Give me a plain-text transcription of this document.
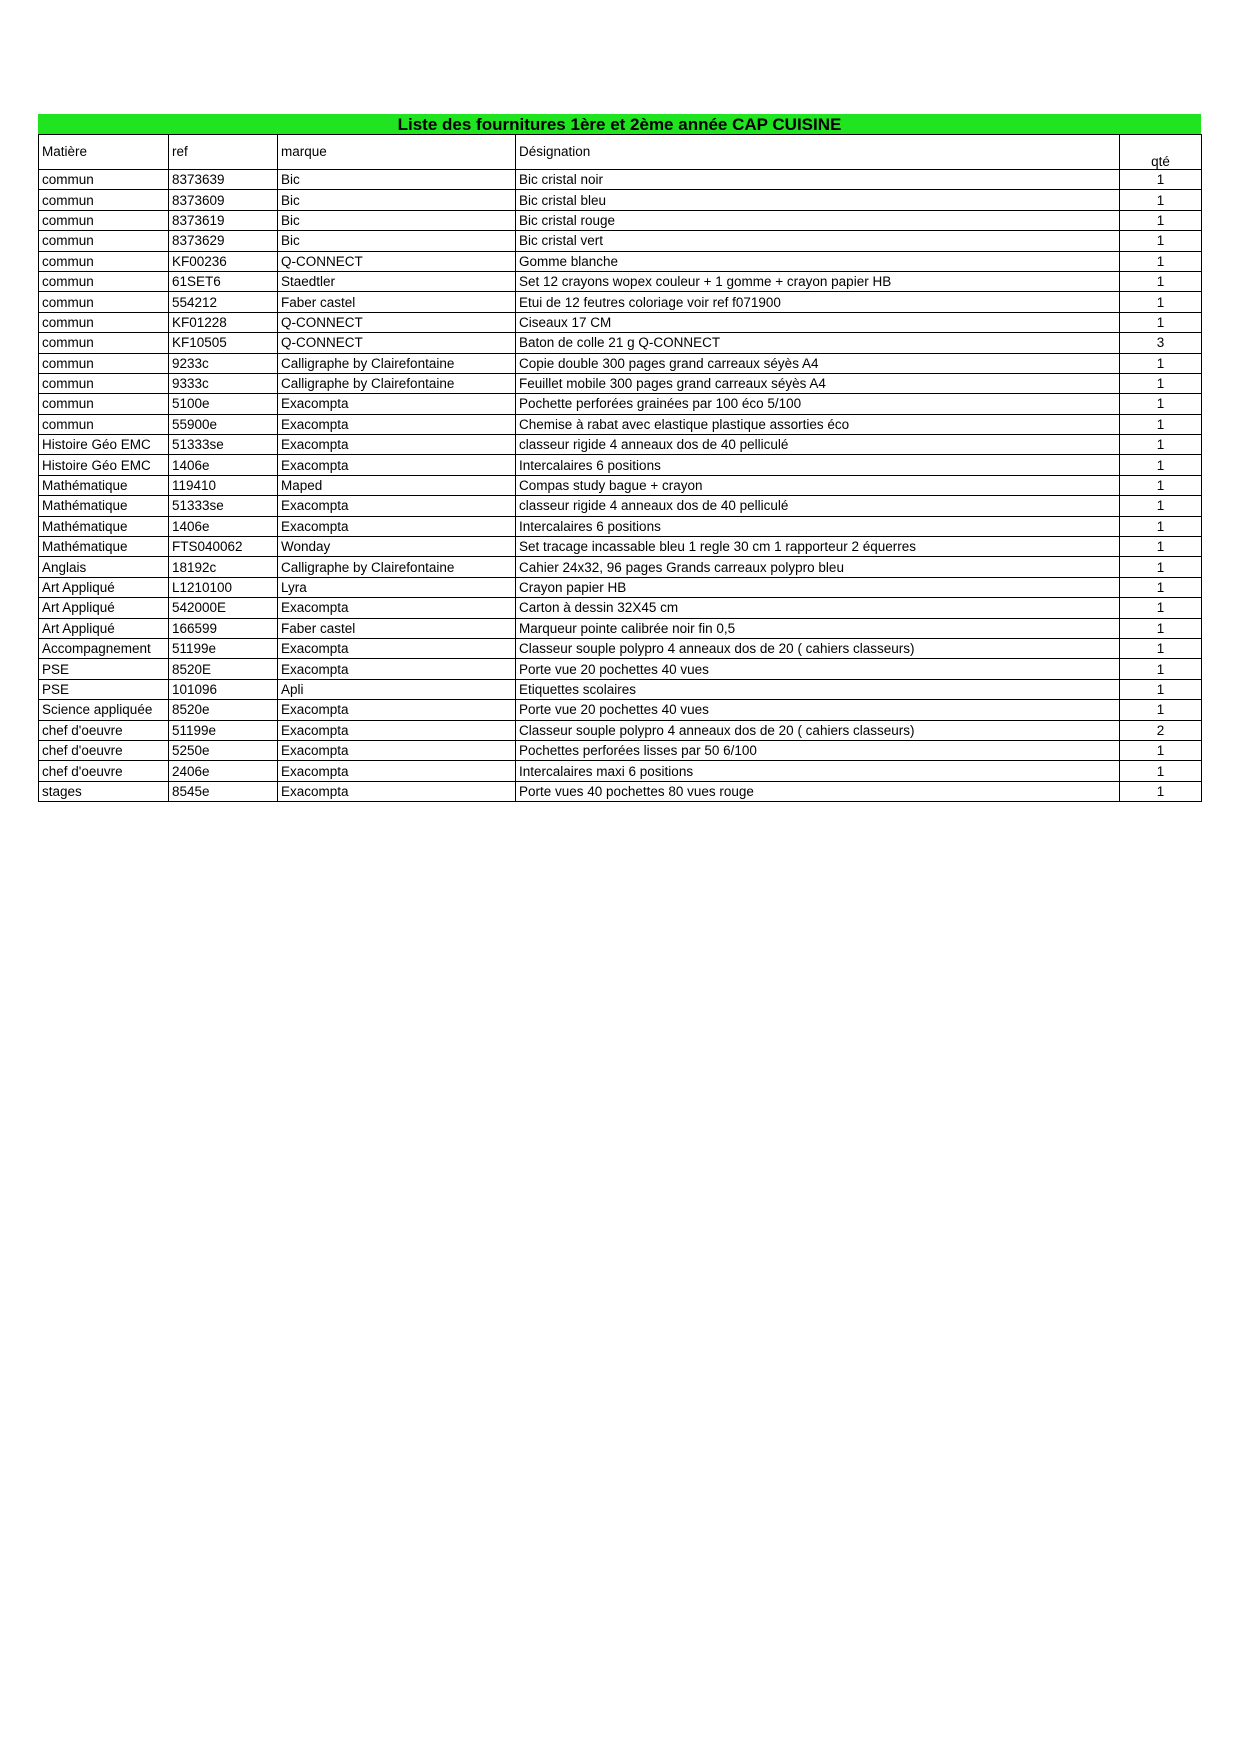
Liste des fournitures 1ère et 2ème année CAP CUISINE
Matière	ref	marque	Désignation	qté
commun	8373639	Bic	Bic cristal noir	1
commun	8373609	Bic	Bic cristal bleu	1
commun	8373619	Bic	Bic cristal rouge	1
commun	8373629	Bic	Bic cristal vert	1
commun	KF00236	Q-CONNECT	Gomme blanche	1
commun	61SET6	Staedtler	Set 12 crayons wopex couleur + 1 gomme + crayon papier HB	1
commun	554212	Faber castel	Etui de 12 feutres coloriage voir ref f071900	1
commun	KF01228	Q-CONNECT	Ciseaux 17 CM	1
commun	KF10505	Q-CONNECT	Baton de colle 21 g Q-CONNECT	3
commun	9233c	Calligraphe by Clairefontaine	Copie double 300 pages grand carreaux séyès A4	1
commun	9333c	Calligraphe by Clairefontaine	Feuillet mobile 300 pages grand carreaux séyès A4	1
commun	5100e	Exacompta	Pochette perforées grainées par 100 éco 5/100	1
commun	55900e	Exacompta	Chemise à rabat avec elastique plastique assorties éco	1
Histoire Géo EMC	51333se	Exacompta	classeur rigide 4 anneaux dos de 40 pelliculé	1
Histoire Géo EMC	1406e	Exacompta	Intercalaires 6 positions	1
Mathématique	119410	Maped	Compas study bague + crayon	1
Mathématique	51333se	Exacompta	classeur rigide 4 anneaux dos de 40 pelliculé	1
Mathématique	1406e	Exacompta	Intercalaires 6 positions	1
Mathématique	FTS040062	Wonday	Set tracage incassable bleu 1 regle 30 cm 1 rapporteur 2 équerres	1
Anglais	18192c	Calligraphe by Clairefontaine	Cahier 24x32, 96 pages Grands carreaux polypro bleu	1
Art Appliqué	L1210100	Lyra	Crayon papier HB	1
Art Appliqué	542000E	Exacompta	Carton à dessin 32X45 cm	1
Art Appliqué	166599	Faber castel	Marqueur pointe calibrée noir fin 0,5	1
Accompagnement	51199e	Exacompta	Classeur souple polypro 4 anneaux dos de 20 ( cahiers classeurs)	1
PSE	8520E	Exacompta	Porte vue 20 pochettes 40 vues	1
PSE	101096	Apli	Etiquettes scolaires	1
Science appliquée	8520e	Exacompta	Porte vue 20 pochettes 40 vues	1
chef d'oeuvre	51199e	Exacompta	Classeur souple polypro 4 anneaux dos de 20 ( cahiers classeurs)	2
chef d'oeuvre	5250e	Exacompta	Pochettes perforées lisses par 50 6/100	1
chef d'oeuvre	2406e	Exacompta	Intercalaires maxi 6 positions	1
stages	8545e	Exacompta	Porte vues 40 pochettes 80 vues rouge	1
